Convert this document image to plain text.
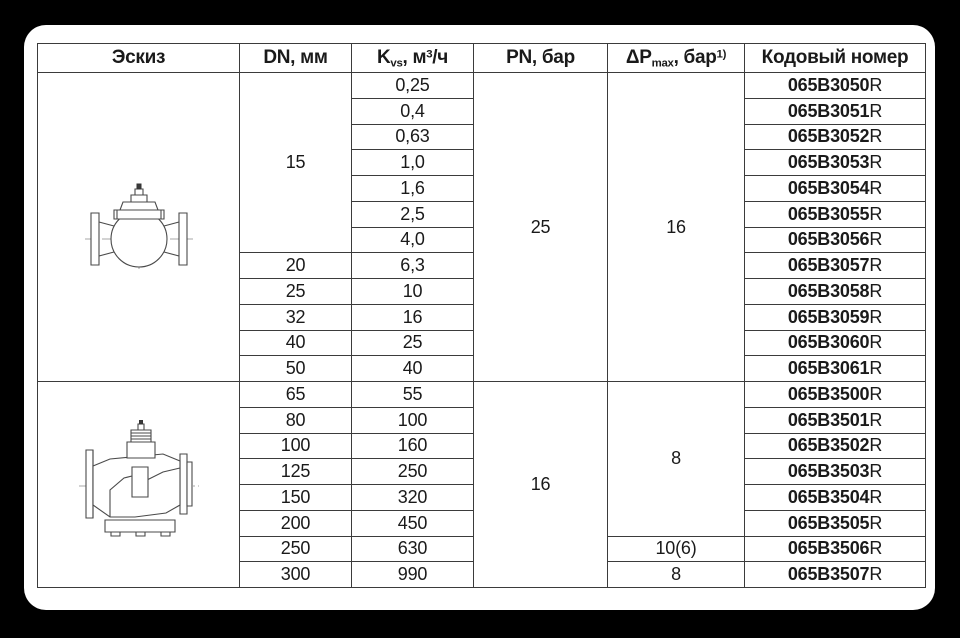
Эскиз	DN, мм	$K_{vs}$, $м^3/ч$	PN, бар	$\Delta P_{max}$, бар$^{1)}$	Кодовый номер

	15	0,25	25	16	065B3050R
		0,4			065B3051R
		0,63			065B3052R
		1,0			065B3053R
		1,6			065B3054R
		2,5			065B3055R
		4,0			065B3056R
	20	6,3			065B3057R
	25	10			065B3058R
	32	16			065B3059R
	40	25			065B3060R
	50	40			065B3061R

	65	55	16	8	065B3500R
	80	100			065B3501R
	100	160			065B3502R
	125	250			065B3503R
	150	320			065B3504R
	200	450			065B3505R
	250	630		10(6)	065B3506R
	300	990		8	065B3507R
